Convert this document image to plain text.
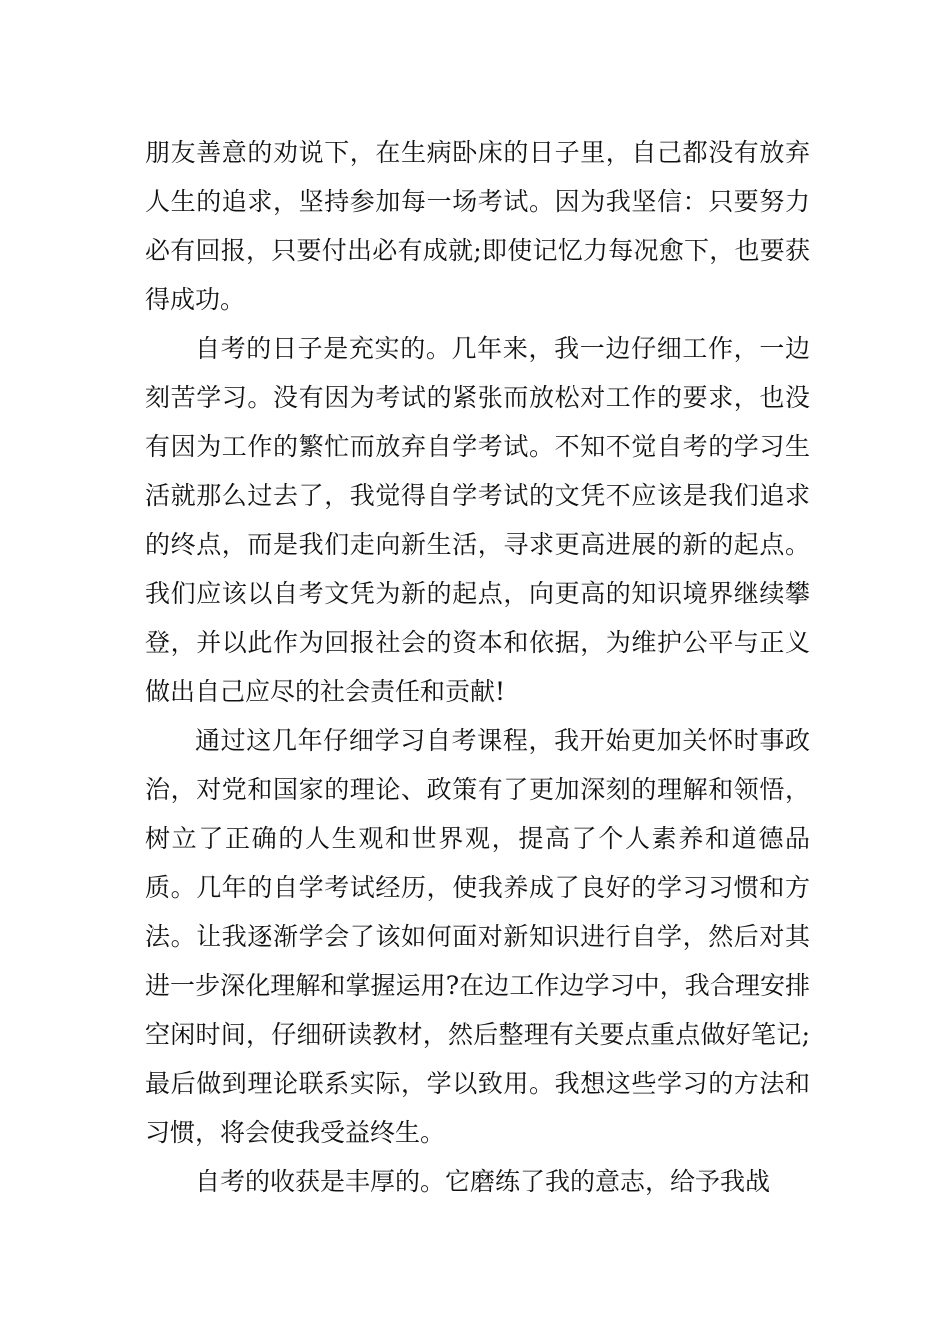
朋友善意的劝说下，在生病卧床的日子里，自己都没有放弃人生的追求，坚持参加每一场考试。因为我坚信：只要努力必有回报，只要付出必有成就;即使记忆力每况愈下，也要获得成功。

自考的日子是充实的。几年来，我一边仔细工作，一边刻苦学习。没有因为考试的紧张而放松对工作的要求，也没有因为工作的繁忙而放弃自学考试。不知不觉自考的学习生活就那么过去了，我觉得自学考试的文凭不应该是我们追求的终点，而是我们走向新生活，寻求更高进展的新的起点。我们应该以自考文凭为新的起点，向更高的知识境界继续攀登，并以此作为回报社会的资本和依据，为维护公平与正义做出自己应尽的社会责任和贡献!

通过这几年仔细学习自考课程，我开始更加关怀时事政治，对党和国家的理论、政策有了更加深刻的理解和领悟，树立了正确的人生观和世界观，提高了个人素养和道德品质。几年的自学考试经历，使我养成了良好的学习习惯和方法。让我逐渐学会了该如何面对新知识进行自学，然后对其进一步深化理解和掌握运用?在边工作边学习中，我合理安排空闲时间，仔细研读教材，然后整理有关要点重点做好笔记;最后做到理论联系实际，学以致用。我想这些学习的方法和习惯，将会使我受益终生。

自考的收获是丰厚的。它磨练了我的意志，给予我战
